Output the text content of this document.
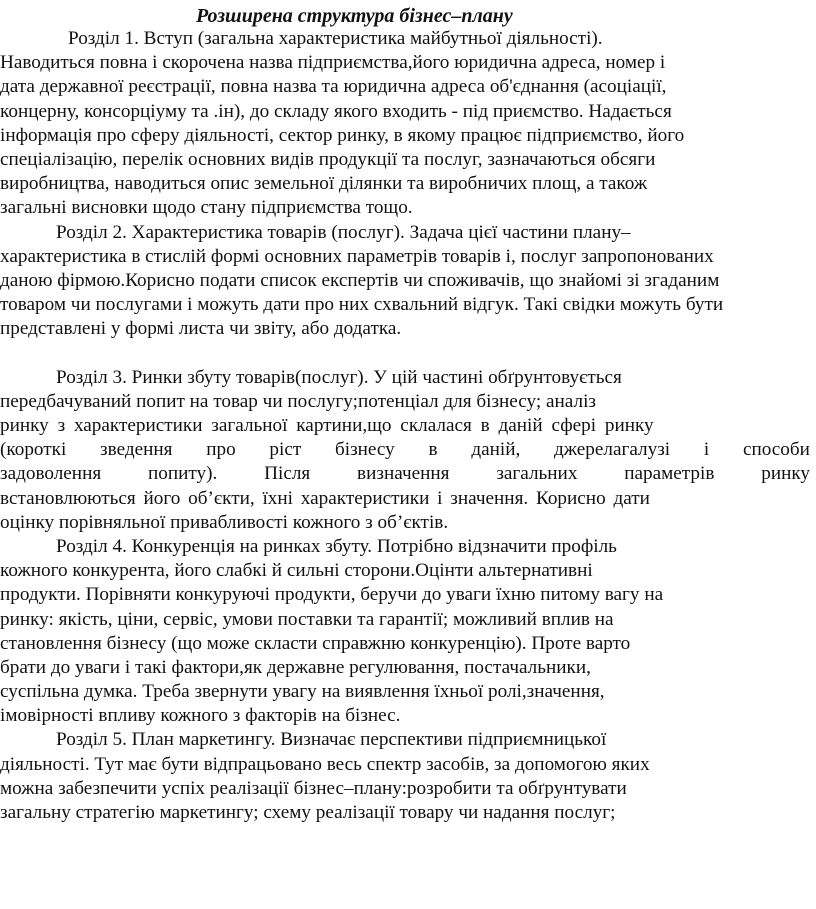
Розширена структура бізнес–плану
Розділ 1. Вступ (загальна характеристика майбутньої діяльності).
Наводиться повна і скорочена назва підприємства,його юридична адреса, номер і
дата державної реєстрації, повна назва та юридична адреса об'єднання (асоціації,
концерну, консорціуму та .ін), до складу якого входить - під приємство. Надається
інформація про сферу діяльності, сектор ринку, в якому працює підприємство, його
спеціалізацію, перелік основних видів продукції та послуг, зазначаються обсяги
виробництва, наводиться опис земельної ділянки та виробничих площ, а також
загальні висновки щодо стану підприємства тощо.
Розділ 2. Характеристика товарів (послуг). Задача цієї частини плану–
характеристика в стислій формі основних параметрів товарів і, послуг запропонованих
даною фірмою.Корисно подати список експертів чи споживачів, що знайомі зі згаданим
товаром чи послугами і можуть дати про них схвальний відгук. Такі свідки можуть бути
представлені у формі листа чи звіту, або додатка.
Розділ 3. Ринки збуту товарів(послуг). У цій частині обґрунтовується
передбачуваний попит на товар чи послугу;потенціал для бізнесу; аналіз
ринку з характеристики загальної картини,що склалася в даній сфері ринку
(короткі зведення про ріст бізнесу в даній, джерелагалузі і способи
задоволення попиту). Після визначення загальних параметрів ринку
встановлюються його об’єкти, їхні характеристики і значення. Корисно дати
оцінку порівняльної привабливості кожного з об’єктів.
Розділ 4. Конкуренція на ринках збуту. Потрібно відзначити профіль
кожного конкурента, його слабкі й сильні сторони.Оцінти альтернативні
продукти. Порівняти конкуруючі продукти, беручи до уваги їхню питому вагу на
ринку: якість, ціни, сервіс, умови поставки та гарантії; можливий вплив на
становлення бізнесу (що може скласти справжню конкуренцію). Проте варто
брати до уваги і такі фактори,як державне регулювання, постачальники,
суспільна думка. Треба звернути увагу на виявлення їхньої ролі,значення,
імовірності впливу кожного з факторів на бізнес.
Розділ 5. План маркетингу. Визначає перспективи підприємницької
діяльності. Тут має бути відпрацьовано весь спектр засобів, за допомогою яких
можна забезпечити успіх реалізації бізнес–плану:розробити та обґрунтувати
загальну стратегію маркетингу; схему реалізації товару чи надання послуг;
